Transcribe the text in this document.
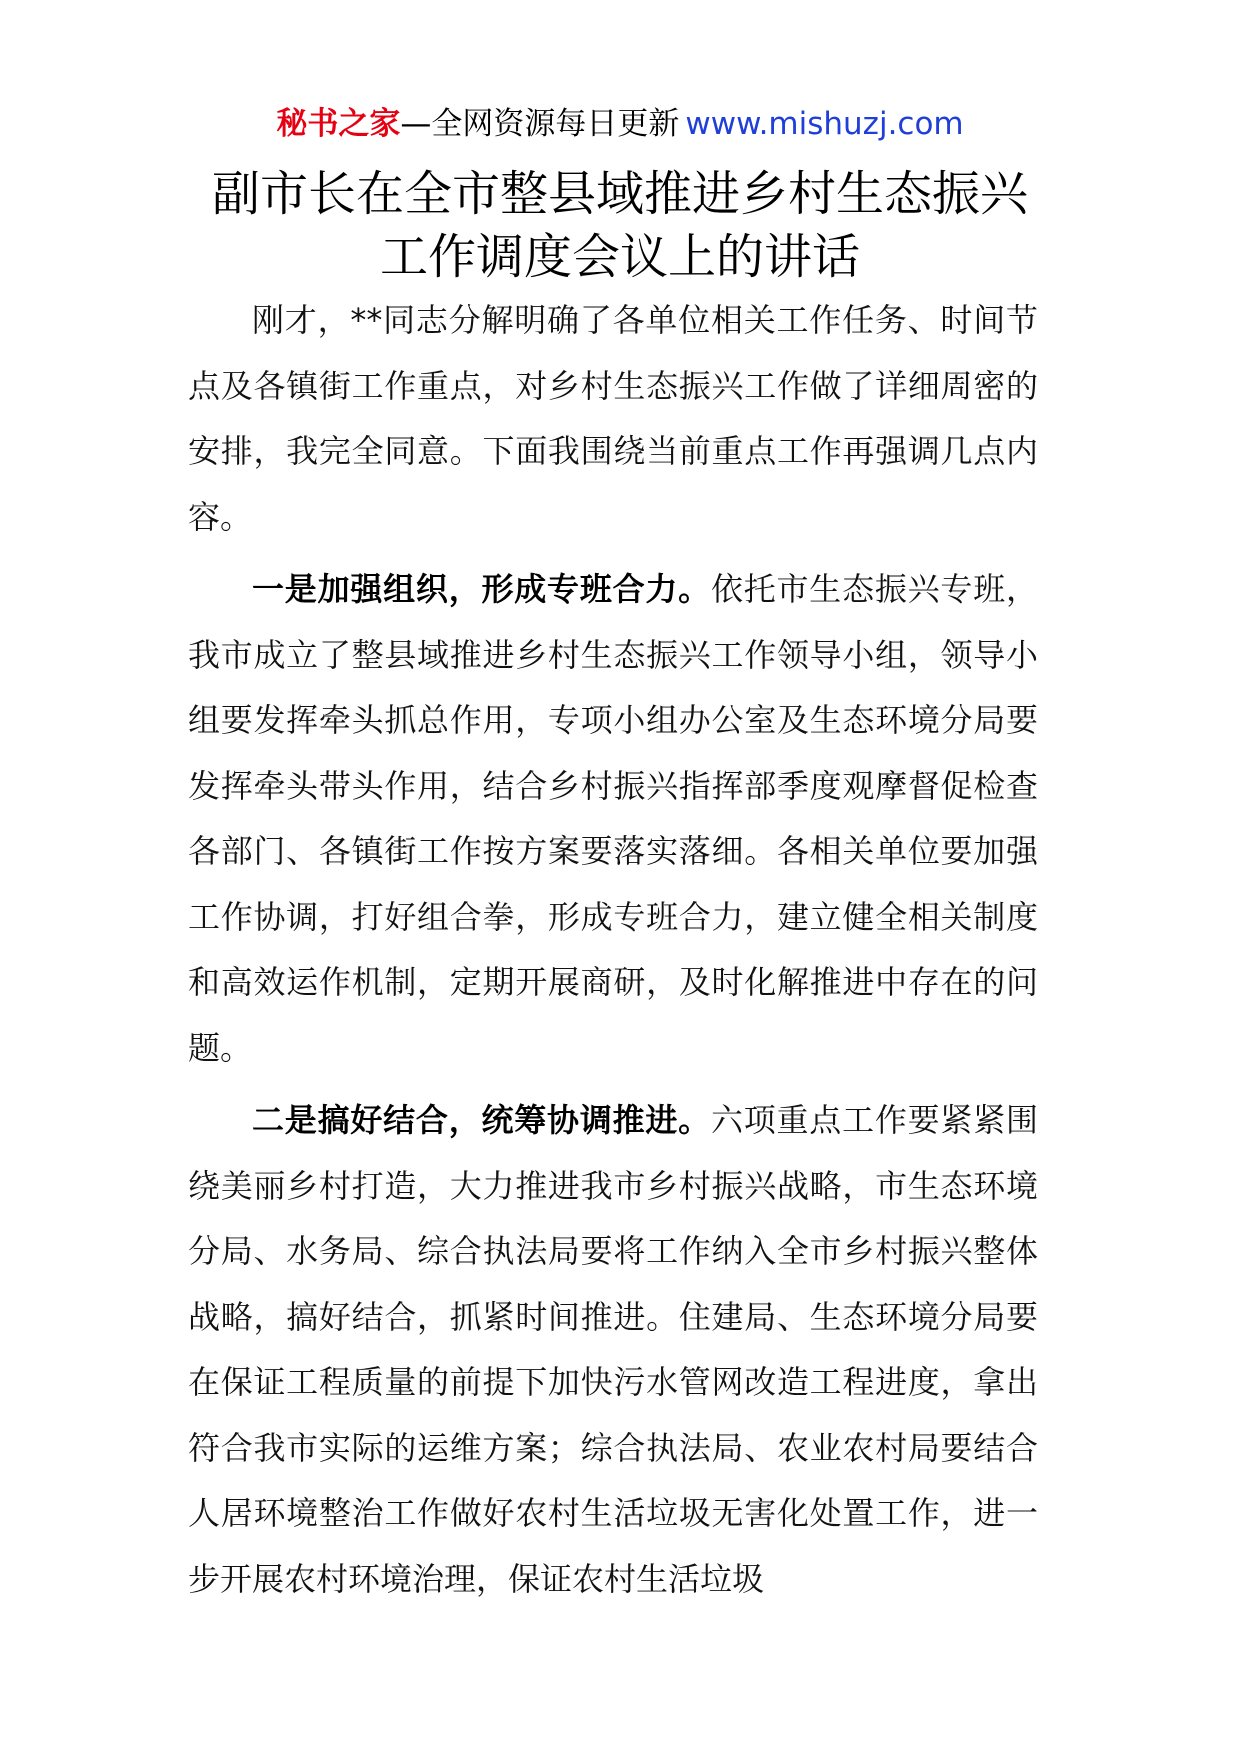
秘书之家—全网资源每日更新 www.mishuzj.com
副市长在全市整县域推进乡村生态振兴
工作调度会议上的讲话

刚才，**同志分解明确了各单位相关工作任务、时间节点及各镇街工作重点，对乡村生态振兴工作做了详细周密的安排，我完全同意。下面我围绕当前重点工作再强调几点内容。

一是加强组织，形成专班合力。依托市生态振兴专班，我市成立了整县域推进乡村生态振兴工作领导小组，领导小组要发挥牵头抓总作用，专项小组办公室及生态环境分局要发挥牵头带头作用，结合乡村振兴指挥部季度观摩督促检查各部门、各镇街工作按方案要落实落细。各相关单位要加强工作协调，打好组合拳，形成专班合力，建立健全相关制度和高效运作机制，定期开展商研，及时化解推进中存在的问题。

二是搞好结合，统筹协调推进。六项重点工作要紧紧围绕美丽乡村打造，大力推进我市乡村振兴战略，市生态环境分局、水务局、综合执法局要将工作纳入全市乡村振兴整体战略，搞好结合，抓紧时间推进。住建局、生态环境分局要在保证工程质量的前提下加快污水管网改造工程进度，拿出符合我市实际的运维方案；综合执法局、农业农村局要结合人居环境整治工作做好农村生活垃圾无害化处置工作，进一步开展农村环境治理，保证农村生活垃圾
